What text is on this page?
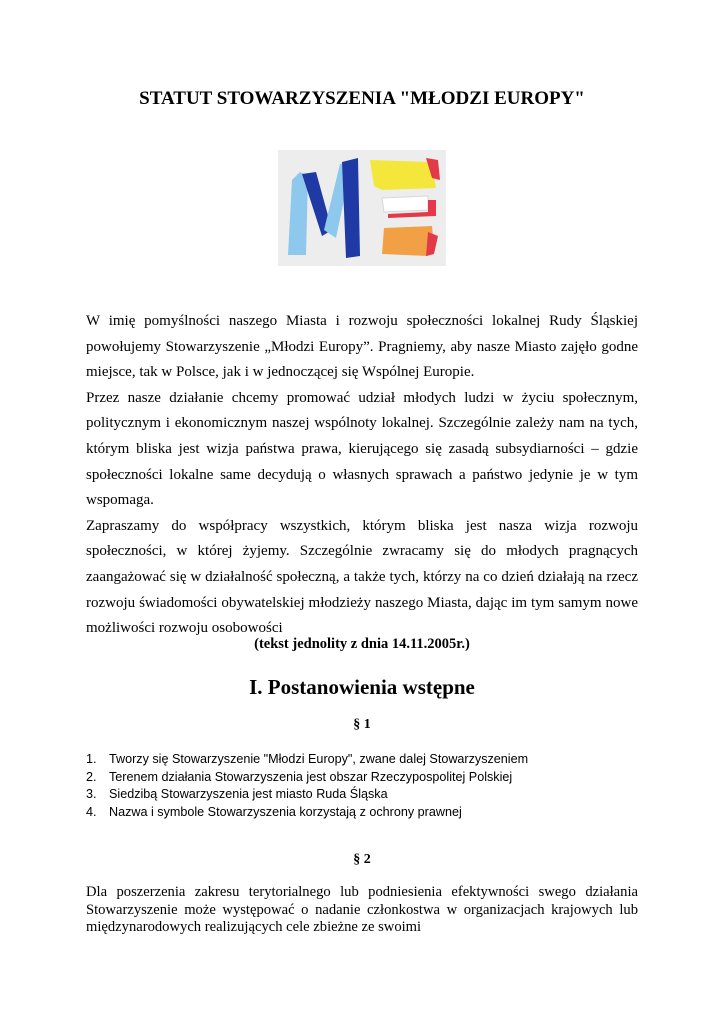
STATUT STOWARZYSZENIA "MŁODZI EUROPY"

W imię pomyślności naszego Miasta i rozwoju społeczności lokalnej Rudy Śląskiej powołujemy Stowarzyszenie „Młodzi Europy”. Pragniemy, aby nasze Miasto zajęło godne miejsce, tak w Polsce, jak i w jednoczącej się Wspólnej Europie.

Przez nasze działanie chcemy promować udział młodych ludzi w życiu społecznym, politycznym i ekonomicznym naszej wspólnoty lokalnej. Szczególnie zależy nam na tych, którym bliska jest wizja państwa prawa, kierującego się zasadą subsydiarności – gdzie społeczności lokalne same decydują o własnych sprawach a państwo jedynie je w tym wspomaga.

Zapraszamy do współpracy wszystkich, którym bliska jest nasza wizja rozwoju społeczności, w której żyjemy. Szczególnie zwracamy się do młodych pragnących zaangażować się w działalność społeczną, a także tych, którzy na co dzień działają na rzecz rozwoju świadomości obywatelskiej młodzieży naszego Miasta, dając im tym samym nowe możliwości rozwoju osobowości

(tekst jednolity z dnia 14.11.2005r.)
I. Postanowienia wstępne
§ 1
1. Tworzy się Stowarzyszenie "Młodzi Europy", zwane dalej Stowarzyszeniem
2. Terenem działania Stowarzyszenia jest obszar Rzeczypospolitej Polskiej
3. Siedzibą Stowarzyszenia jest miasto Ruda Śląska
4. Nazwa i symbole Stowarzyszenia korzystają z ochrony prawnej
§ 2

Dla poszerzenia zakresu terytorialnego lub podniesienia efektywności swego działania Stowarzyszenie może występować o nadanie członkostwa w organizacjach krajowych lub międzynarodowych realizujących cele zbieżne ze swoimi
